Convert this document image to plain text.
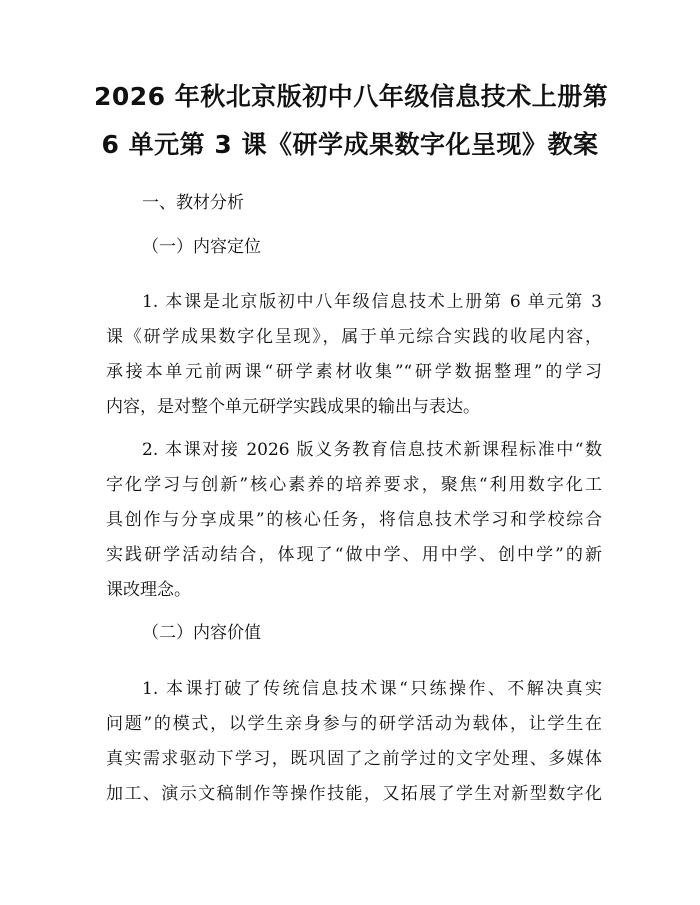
2026 年秋北京版初中八年级信息技术上册第
6 单元第 3 课《研学成果数字化呈现》教案
一、教材分析
（一）内容定位
1. 本课是北京版初中八年级信息技术上册第 6 单元第 3
课《研学成果数字化呈现》，属于单元综合实践的收尾内容，
承接本单元前两课“研学素材收集”“研学数据整理”的学习
内容，是对整个单元研学实践成果的输出与表达。
2. 本课对接 2026 版义务教育信息技术新课程标准中“数
字化学习与创新”核心素养的培养要求，聚焦“利用数字化工
具创作与分享成果”的核心任务，将信息技术学习和学校综合
实践研学活动结合，体现了“做中学、用中学、创中学”的新
课改理念。
（二）内容价值
1. 本课打破了传统信息技术课“只练操作、不解决真实
问题”的模式，以学生亲身参与的研学活动为载体，让学生在
真实需求驱动下学习，既巩固了之前学过的文字处理、多媒体
加工、演示文稿制作等操作技能，又拓展了学生对新型数字化
